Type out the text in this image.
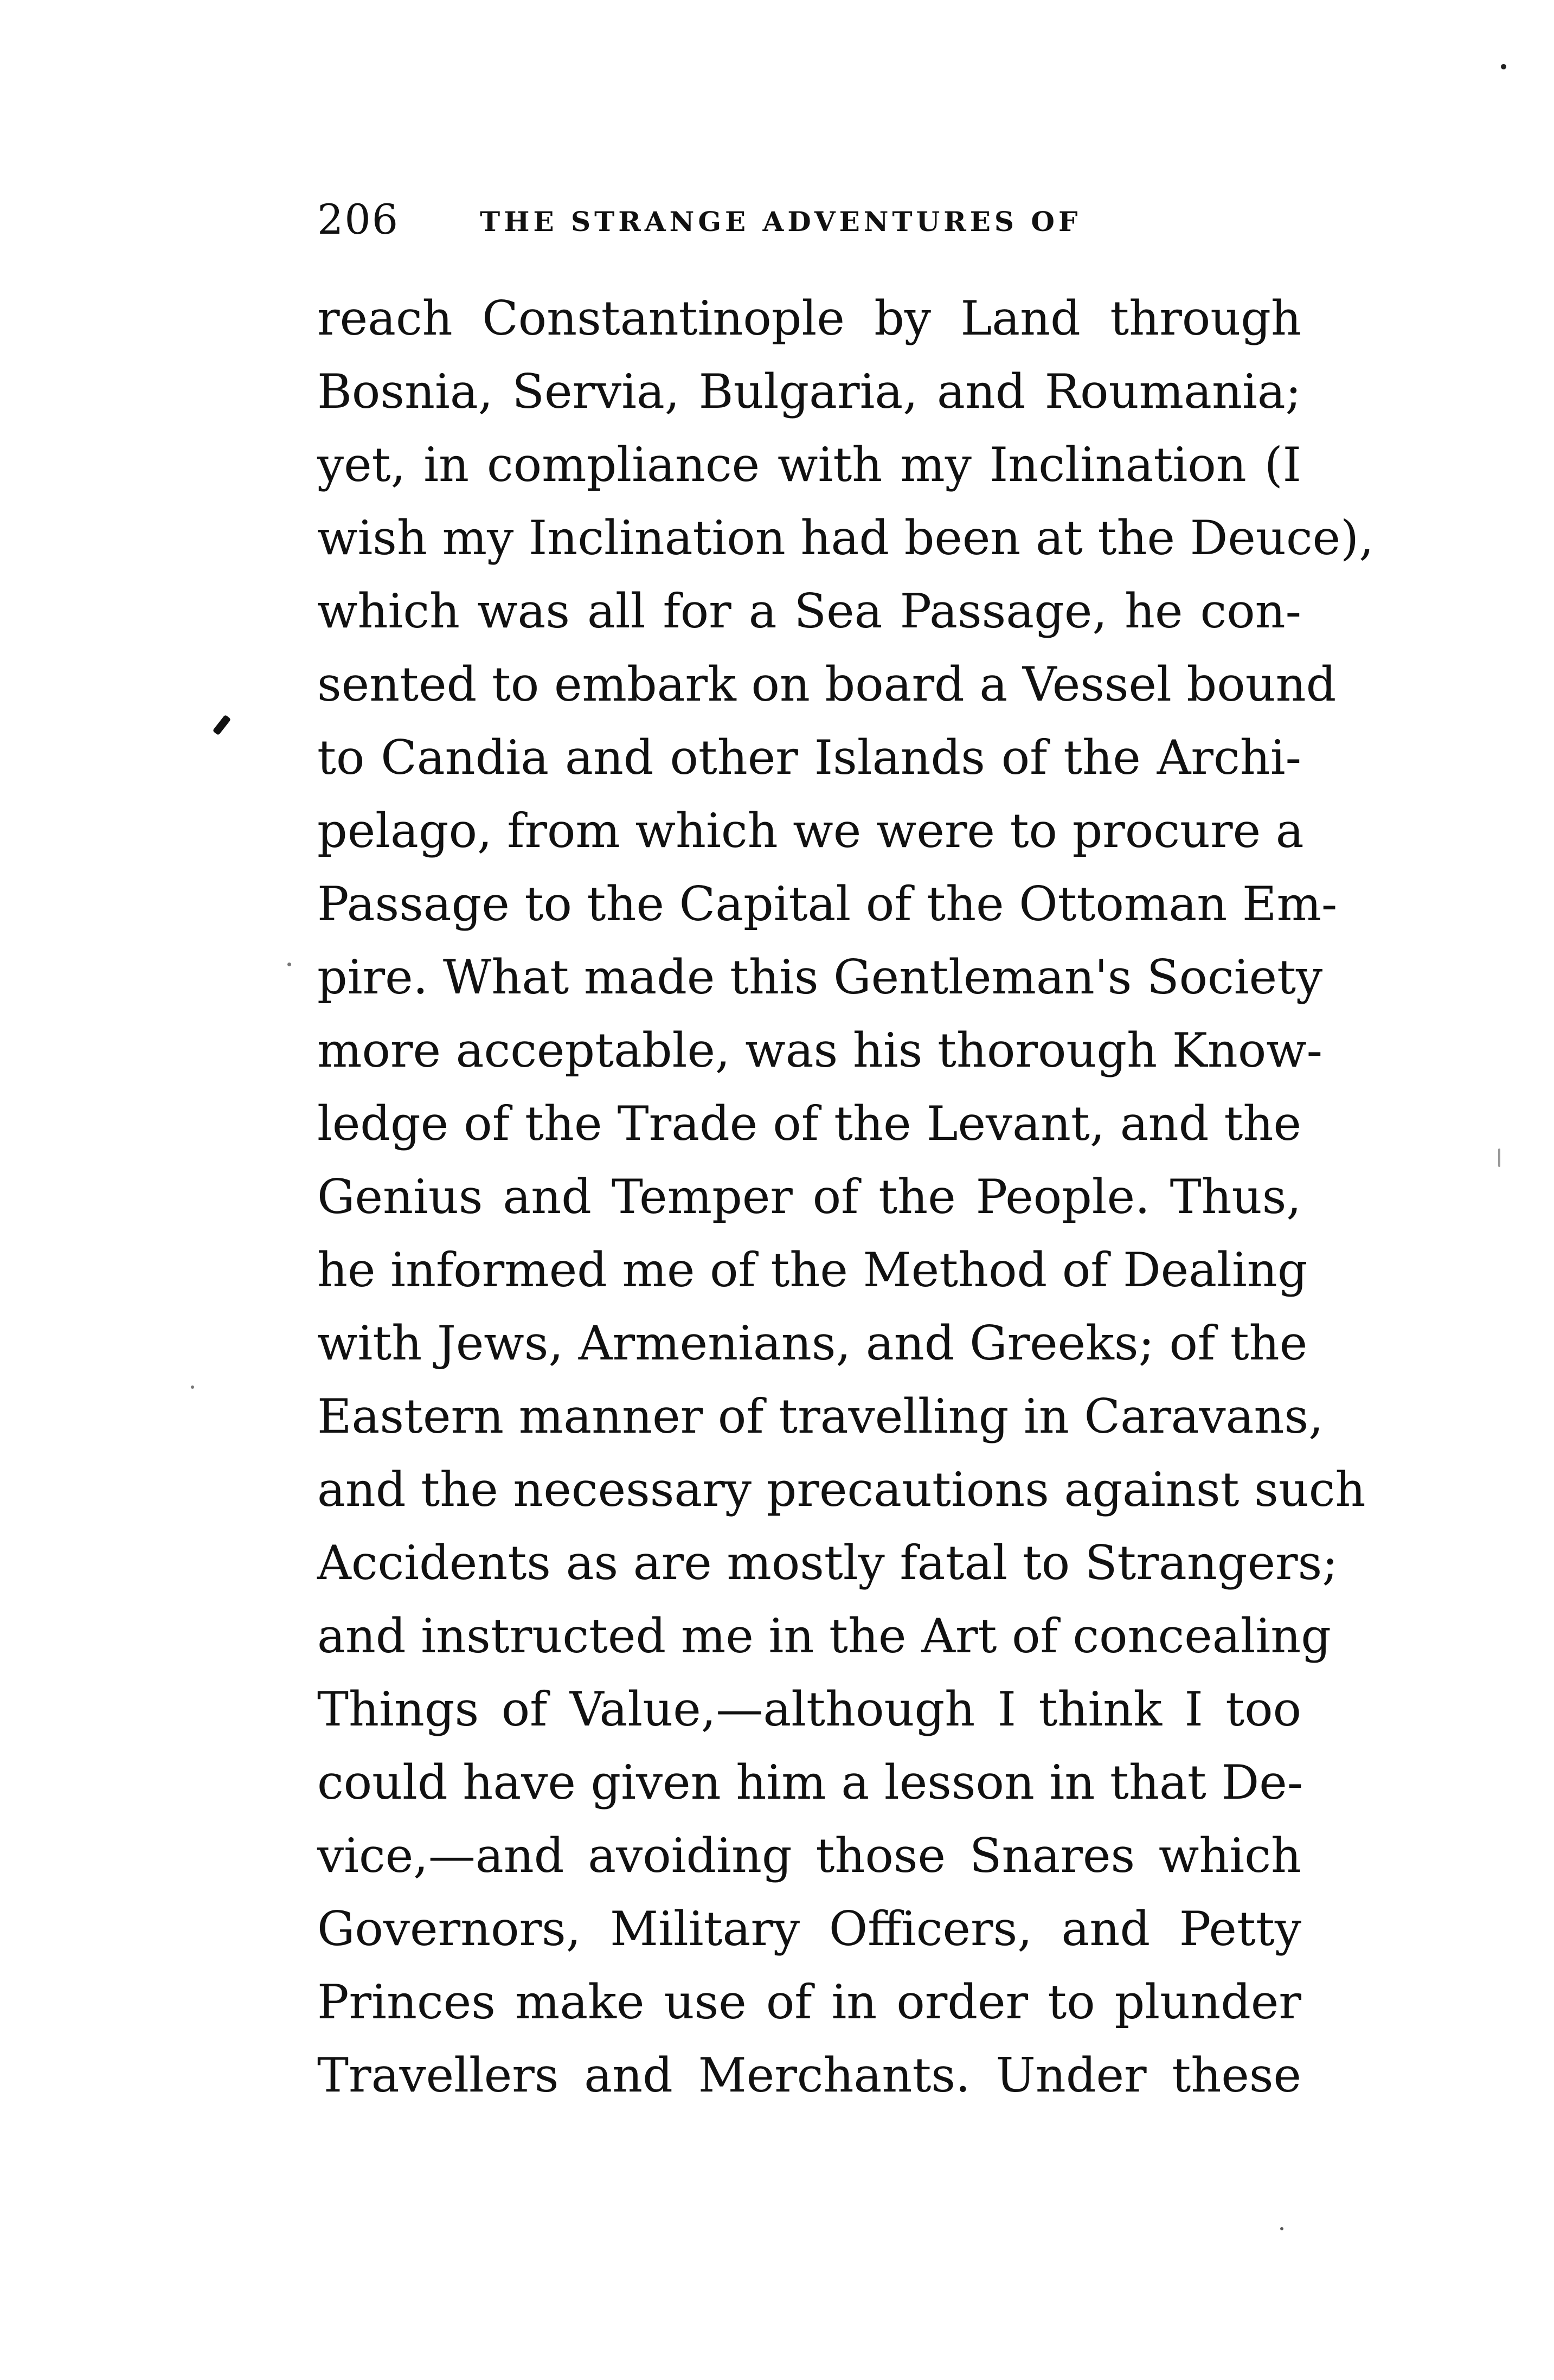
206	THE STRANGE ADVENTURES OF
reach Constantinople by Land through
Bosnia, Servia, Bulgaria, and Roumania;
yet, in compliance with my Inclination (I
wish my Inclination had been at the Deuce),
which was all for a Sea Passage, he con-
sented to embark on board a Vessel bound
to Candia and other Islands of the Archi-
pelago, from which we were to procure a
Passage to the Capital of the Ottoman Em-
pire. What made this Gentleman's Society
more acceptable, was his thorough Know-
ledge of the Trade of the Levant, and the
Genius and Temper of the People. Thus,
he informed me of the Method of Dealing
with Jews, Armenians, and Greeks; of the
Eastern manner of travelling in Caravans,
and the necessary precautions against such
Accidents as are mostly fatal to Strangers;
and instructed me in the Art of concealing
Things of Value,—although I think I too
could have given him a lesson in that De-
vice,—and avoiding those Snares which
Governors, Military Officers, and Petty
Princes make use of in order to plunder
Travellers and Merchants. Under these
